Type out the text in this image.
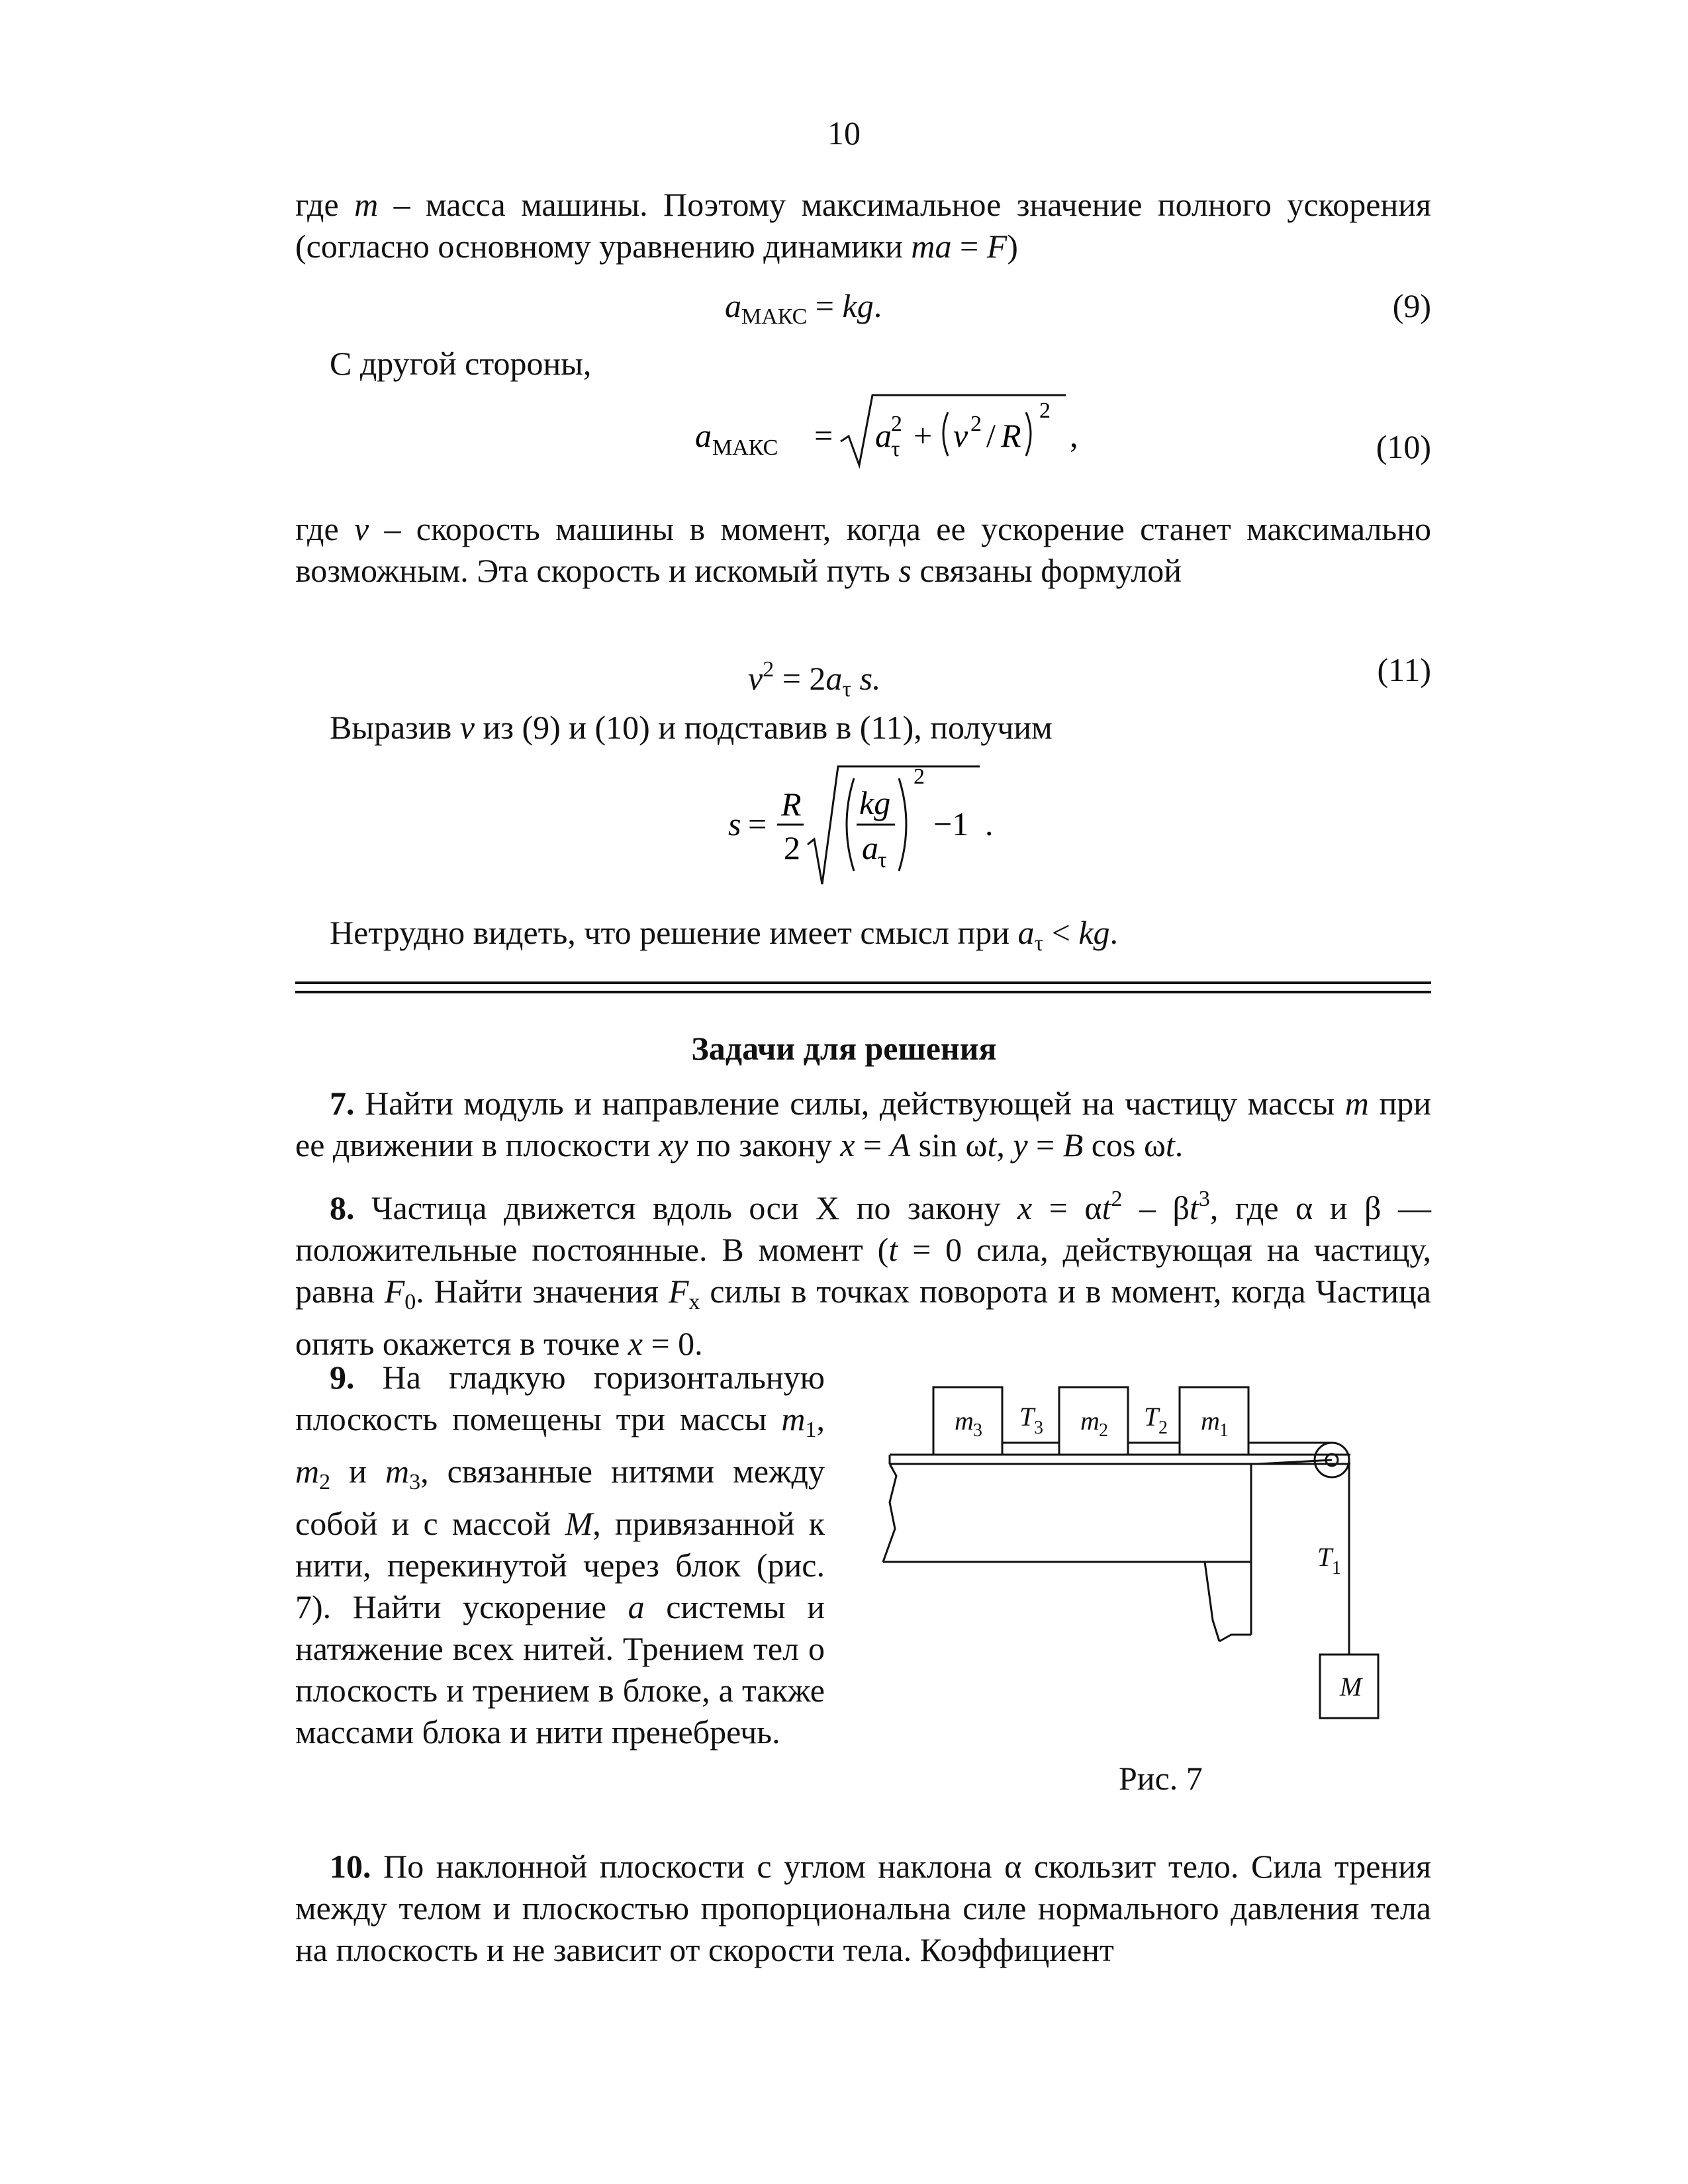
10
где m – масса машины. Поэтому максимальное значение полного ускорения (согласно основному уравнению динамики ma = F)
$a_{МАКС}$ = kg.	(9)
С другой стороны,
a МАКС = a 2
τ + v 2 / R
2
,	(10)
где v – скорость машины в момент, когда ее ускорение станет максимально возможным. Эта скорость и искомый путь s связаны формулой
$v^2 = 2a_\tau$ s.	(11)
Выразив v из (9) и (10) и подставив в (11), получим
s =
R
2
kg
a τ
2
−1 .
Нетрудно видеть, что решение имеет смысл при $a_\tau$ < kg.
Задачи для решения
7. Найти модуль и направление силы, действующей на частицу массы m при ее движении в плоскости xy по закону x = A sin ωt, y = B cos ωt.
8. Частица движется вдоль оси X по закону $x = \alpha t^2 - \beta t^3$, где α и β — положительные постоянные. В момент (t = 0 сила, действующая на частицу, равна $F_0$. Найти значения $F_x$ силы в точках поворота и в момент, когда Частица опять окажется в точке x = 0.
9. На гладкую горизонтальную плоскость помещены три массы $m_1$, $m_2$ и $m_3$, связанные нитями между собой и с массой M, привязанной к нити, перекинутой через блок (рис. 7). Найти ускорение a системы и натяжение всех нитей. Трением тел о плоскость и трением в блоке, а также массами блока и нити пренебречь.
m 3 T 3 m 2 T 2 m 1
T 1
M
Рис. 7
10. По наклонной плоскости с углом наклона α скользит тело. Сила трения между телом и плоскостью пропорциональна силе нормального давления тела на плоскость и не зависит от скорости тела. Коэффициент
